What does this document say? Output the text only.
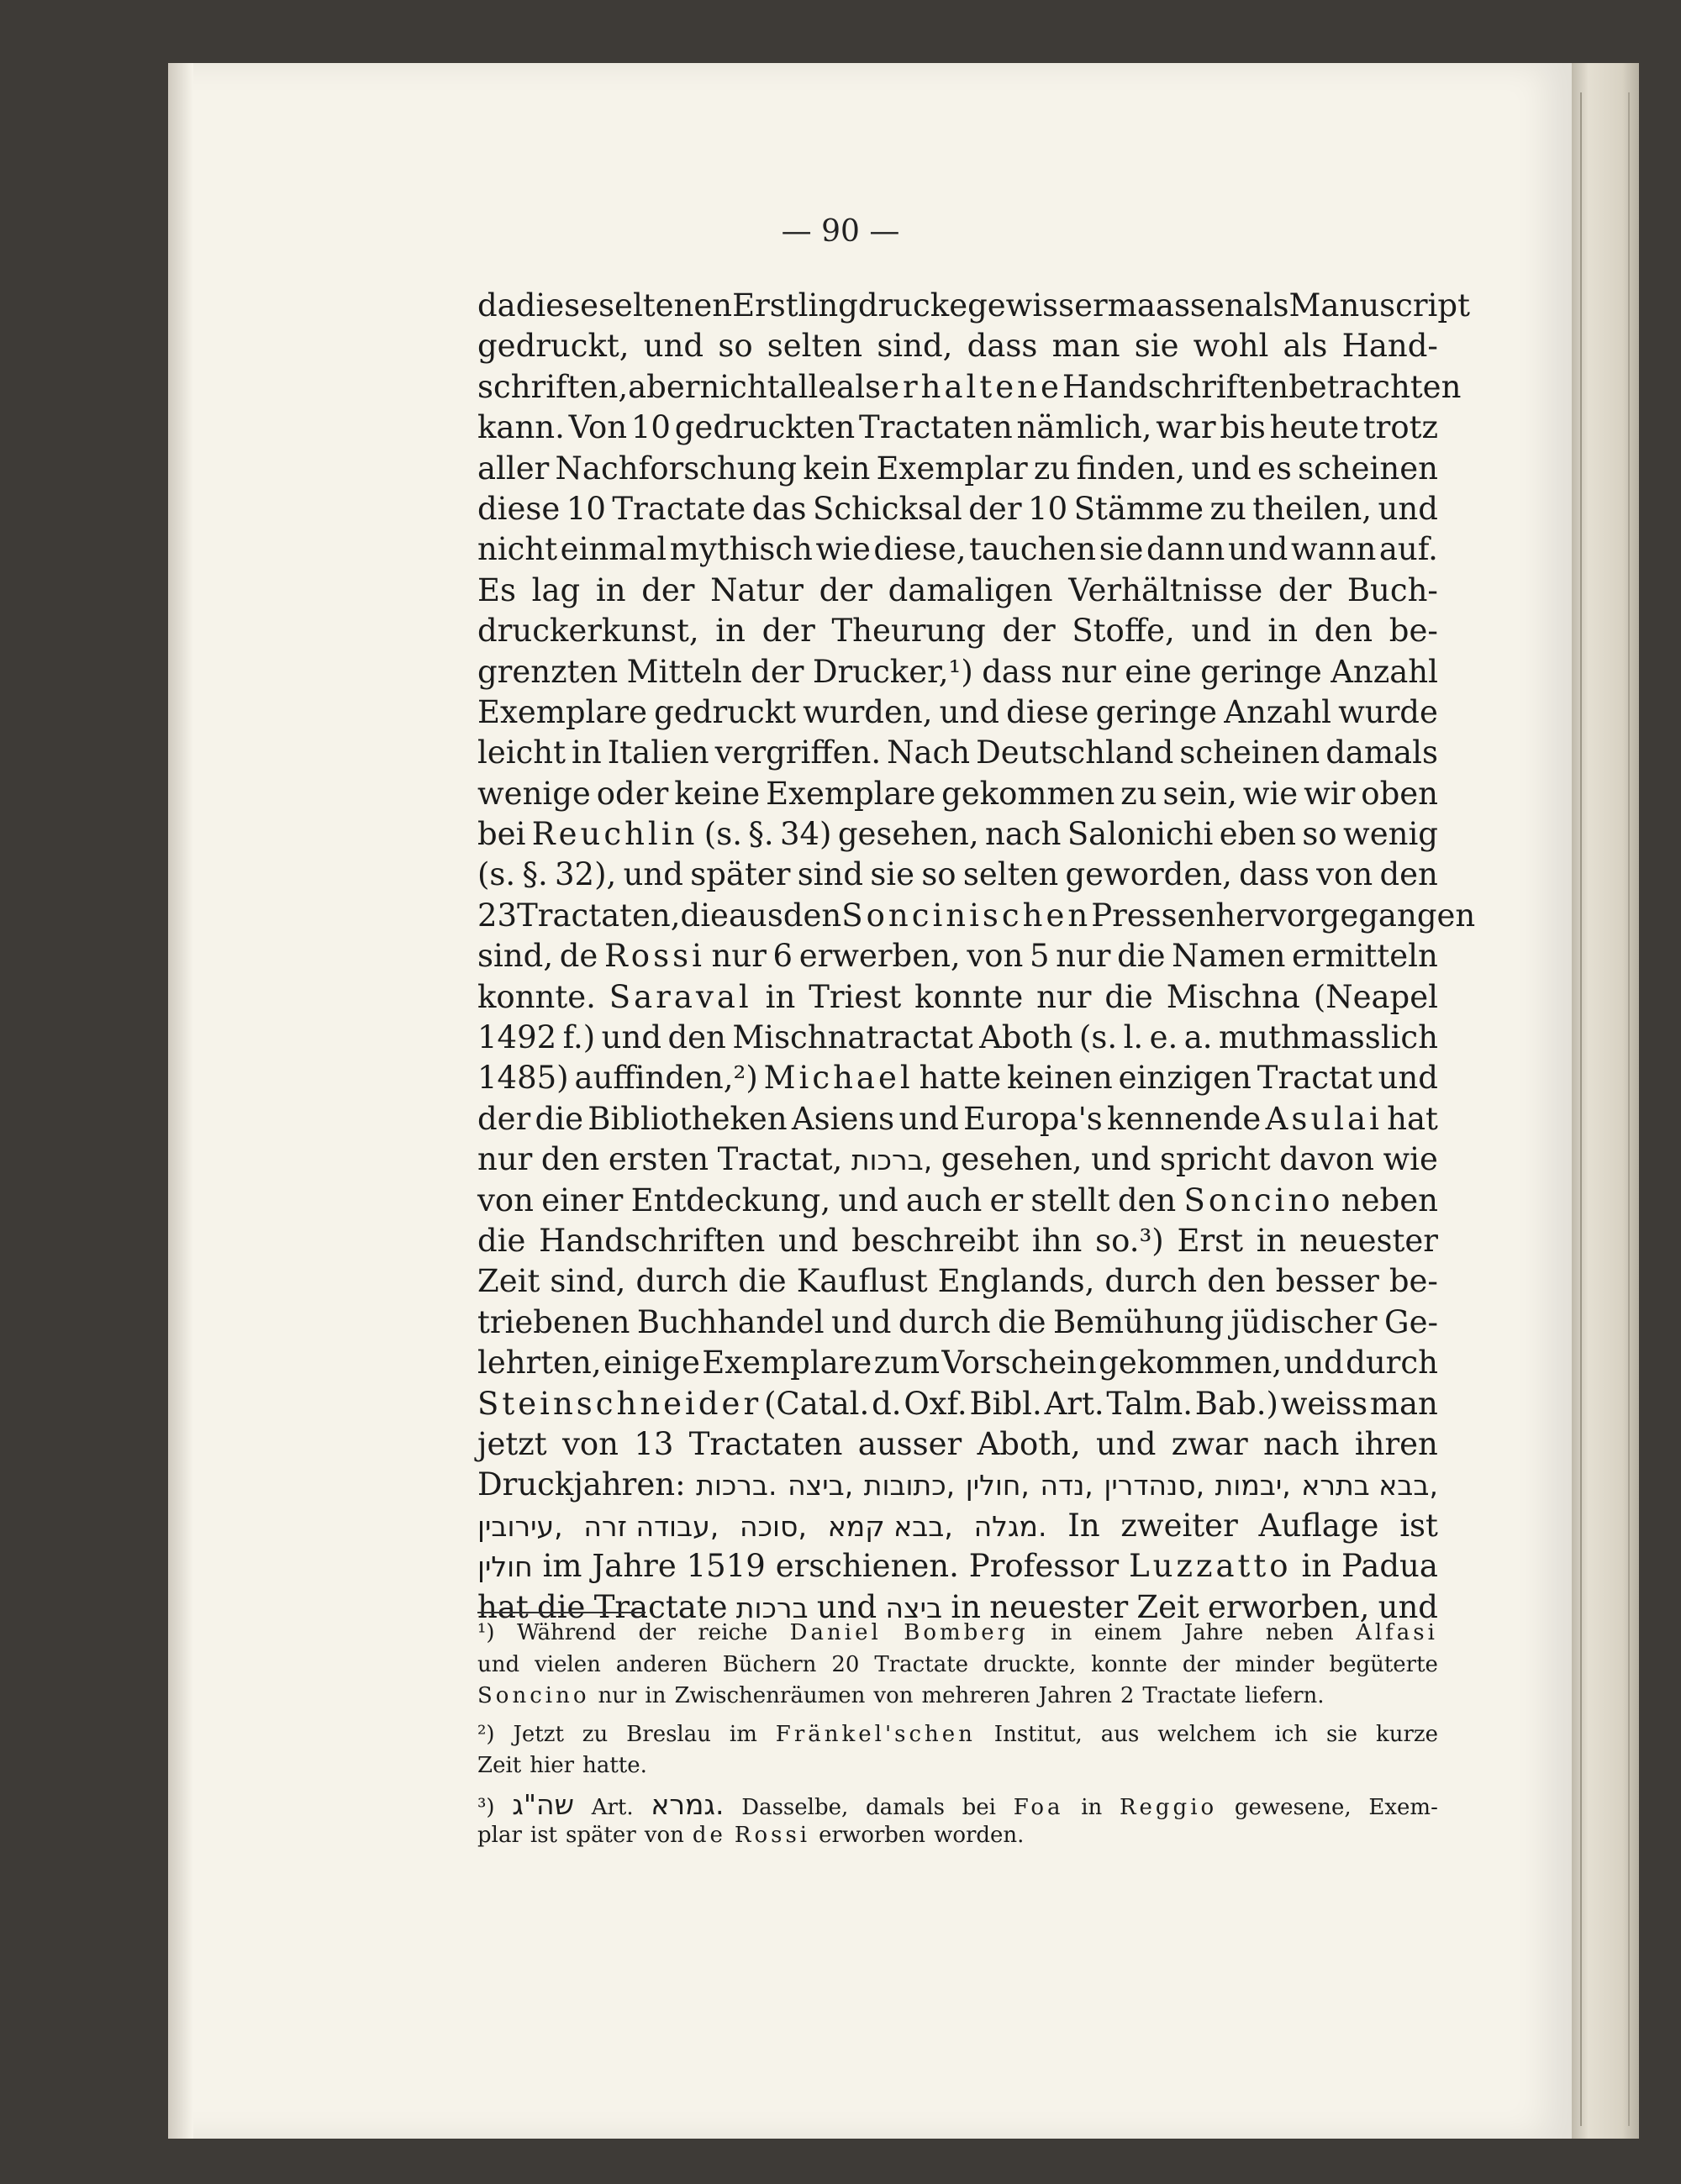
— 90 —
da diese seltenen Erstlingdrucke gewissermaassen als Manuscript
gedruckt, und so selten sind, dass man sie wohl als Hand-
schriften, aber nicht alle als erhaltene Handschriften betrachten
kann. Von 10 gedruckten Tractaten nämlich, war bis heute trotz
aller Nachforschung kein Exemplar zu finden, und es scheinen
diese 10 Tractate das Schicksal der 10 Stämme zu theilen, und
nicht einmal mythisch wie diese, tauchen sie dann und wann auf.
Es lag in der Natur der damaligen Verhältnisse der Buch-
druckerkunst, in der Theurung der Stoffe, und in den be-
grenzten Mitteln der Drucker,¹) dass nur eine geringe Anzahl
Exemplare gedruckt wurden, und diese geringe Anzahl wurde
leicht in Italien vergriffen. Nach Deutschland scheinen damals
wenige oder keine Exemplare gekommen zu sein, wie wir oben
bei Reuchlin (s. §. 34) gesehen, nach Salonichi eben so wenig
(s. §. 32), und später sind sie so selten geworden, dass von den
23 Tractaten, die aus den Soncinischen Pressen hervorgegangen
sind, de Rossi nur 6 erwerben, von 5 nur die Namen ermitteln
konnte. Saraval in Triest konnte nur die Mischna (Neapel
1492 f.) und den Mischnatractat Aboth (s. l. e. a. muthmasslich
1485) auffinden,²) Michael hatte keinen einzigen Tractat und
der die Bibliotheken Asiens und Europa's kennende Asulai hat
nur den ersten Tractat, ברכות, gesehen, und spricht davon wie
von einer Entdeckung, und auch er stellt den Soncino neben
die Handschriften und beschreibt ihn so.³) Erst in neuester
Zeit sind, durch die Kauflust Englands, durch den besser be-
triebenen Buchhandel und durch die Bemühung jüdischer Ge-
lehrten, einige Exemplare zum Vorschein gekommen, und durch
Steinschneider (Catal. d. Oxf. Bibl. Art. Talm. Bab.) weiss man
jetzt von 13 Tractaten ausser Aboth, und zwar nach ihren
Druckjahren: ברכות. ביצה, כתובות, חולין, נדה, סנהדרין, יבמות, בבא בתרא,
עירובין, עבודה זרה, סוכה, בבא קמא, מגלה. In zweiter Auflage ist
חולין im Jahre 1519 erschienen. Professor Luzzatto in Padua
hat die Tractate ברכות und ביצה in neuester Zeit erworben, und
¹) Während der reiche Daniel Bomberg in einem Jahre neben Alfasi
und vielen anderen Büchern 20 Tractate druckte, konnte der minder begüterte
Soncino nur in Zwischenräumen von mehreren Jahren 2 Tractate liefern.
²) Jetzt zu Breslau im Fränkel'schen Institut, aus welchem ich sie kurze
Zeit hier hatte.
³) שה"ג Art. גמרא. Dasselbe, damals bei Foa in Reggio gewesene, Exem-
plar ist später von de Rossi erworben worden.
